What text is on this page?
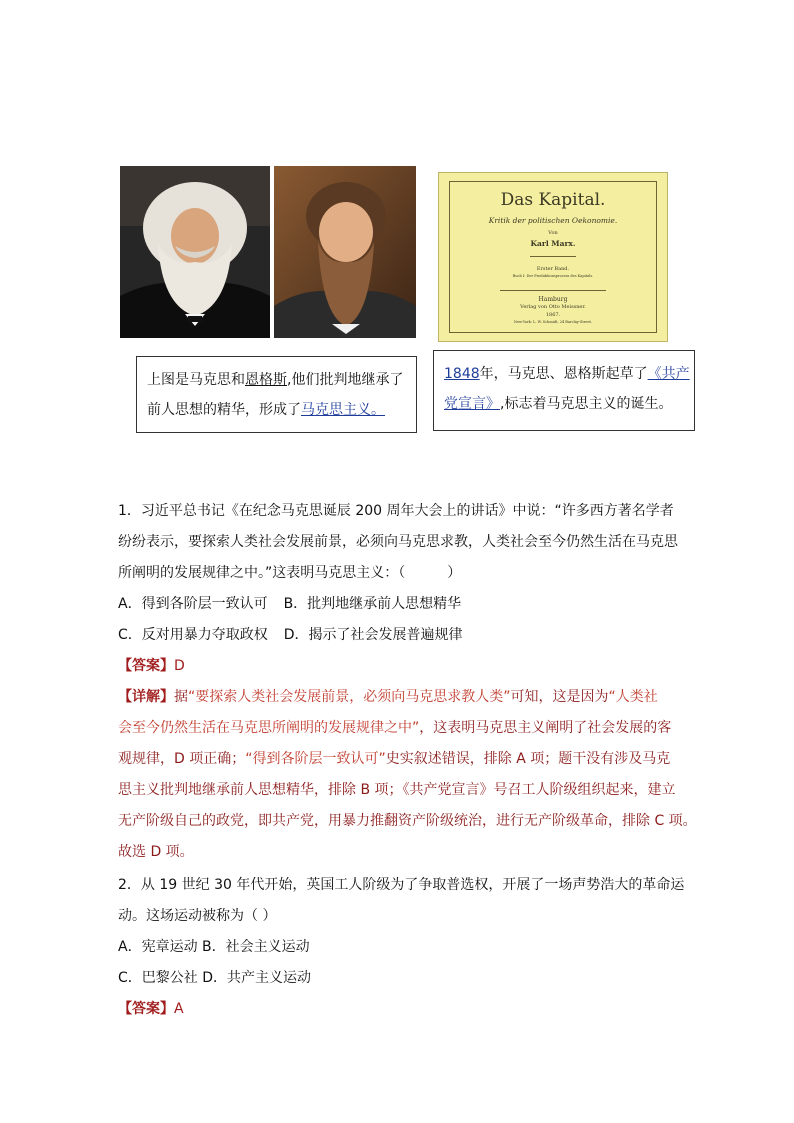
Das Kapital.
Kritik der politischen Oekonomie.
Von
Karl Marx.
Erster Band.
Buch I: Der Produktionsprocess des Kapitals.
Hamburg
Verlag von Otto Meissner.
1867.
New-York: L. W. Schmidt, 24 Barclay-Street.
上图是马克思和恩格斯,他们批判地继承了
前人思想的精华，形成了马克思主义。
1848年，马克思、恩格斯起草了《共产
党宣言》,标志着马克思主义的诞生。
1．习近平总书记《在纪念马克思诞辰 200 周年大会上的讲话》中说：“许多西方著名学者
纷纷表示，要探索人类社会发展前景，必须向马克思求教，人类社会至今仍然生活在马克思
所阐明的发展规律之中。”这表明马克思主义：（　　　）
A．得到各阶层一致认可 B．批判地继承前人思想精华
C．反对用暴力夺取政权 D．揭示了社会发展普遍规律
【答案】D
【详解】据“要探索人类社会发展前景，必须向马克思求教人类”可知，这是因为“人类社
会至今仍然生活在马克思所阐明的发展规律之中”，这表明马克思主义阐明了社会发展的客
观规律，D 项正确；“得到各阶层一致认可”史实叙述错误，排除 A 项；题干没有涉及马克
思主义批判地继承前人思想精华，排除 B 项；《共产党宣言》号召工人阶级组织起来，建立
无产阶级自己的政党，即共产党，用暴力推翻资产阶级统治，进行无产阶级革命，排除 C 项。
故选 D 项。
2．从 19 世纪 30 年代开始，英国工人阶级为了争取普选权，开展了一场声势浩大的革命运
动。这场运动被称为（ ）
A．宪章运动 B．社会主义运动
C．巴黎公社 D．共产主义运动
【答案】A
